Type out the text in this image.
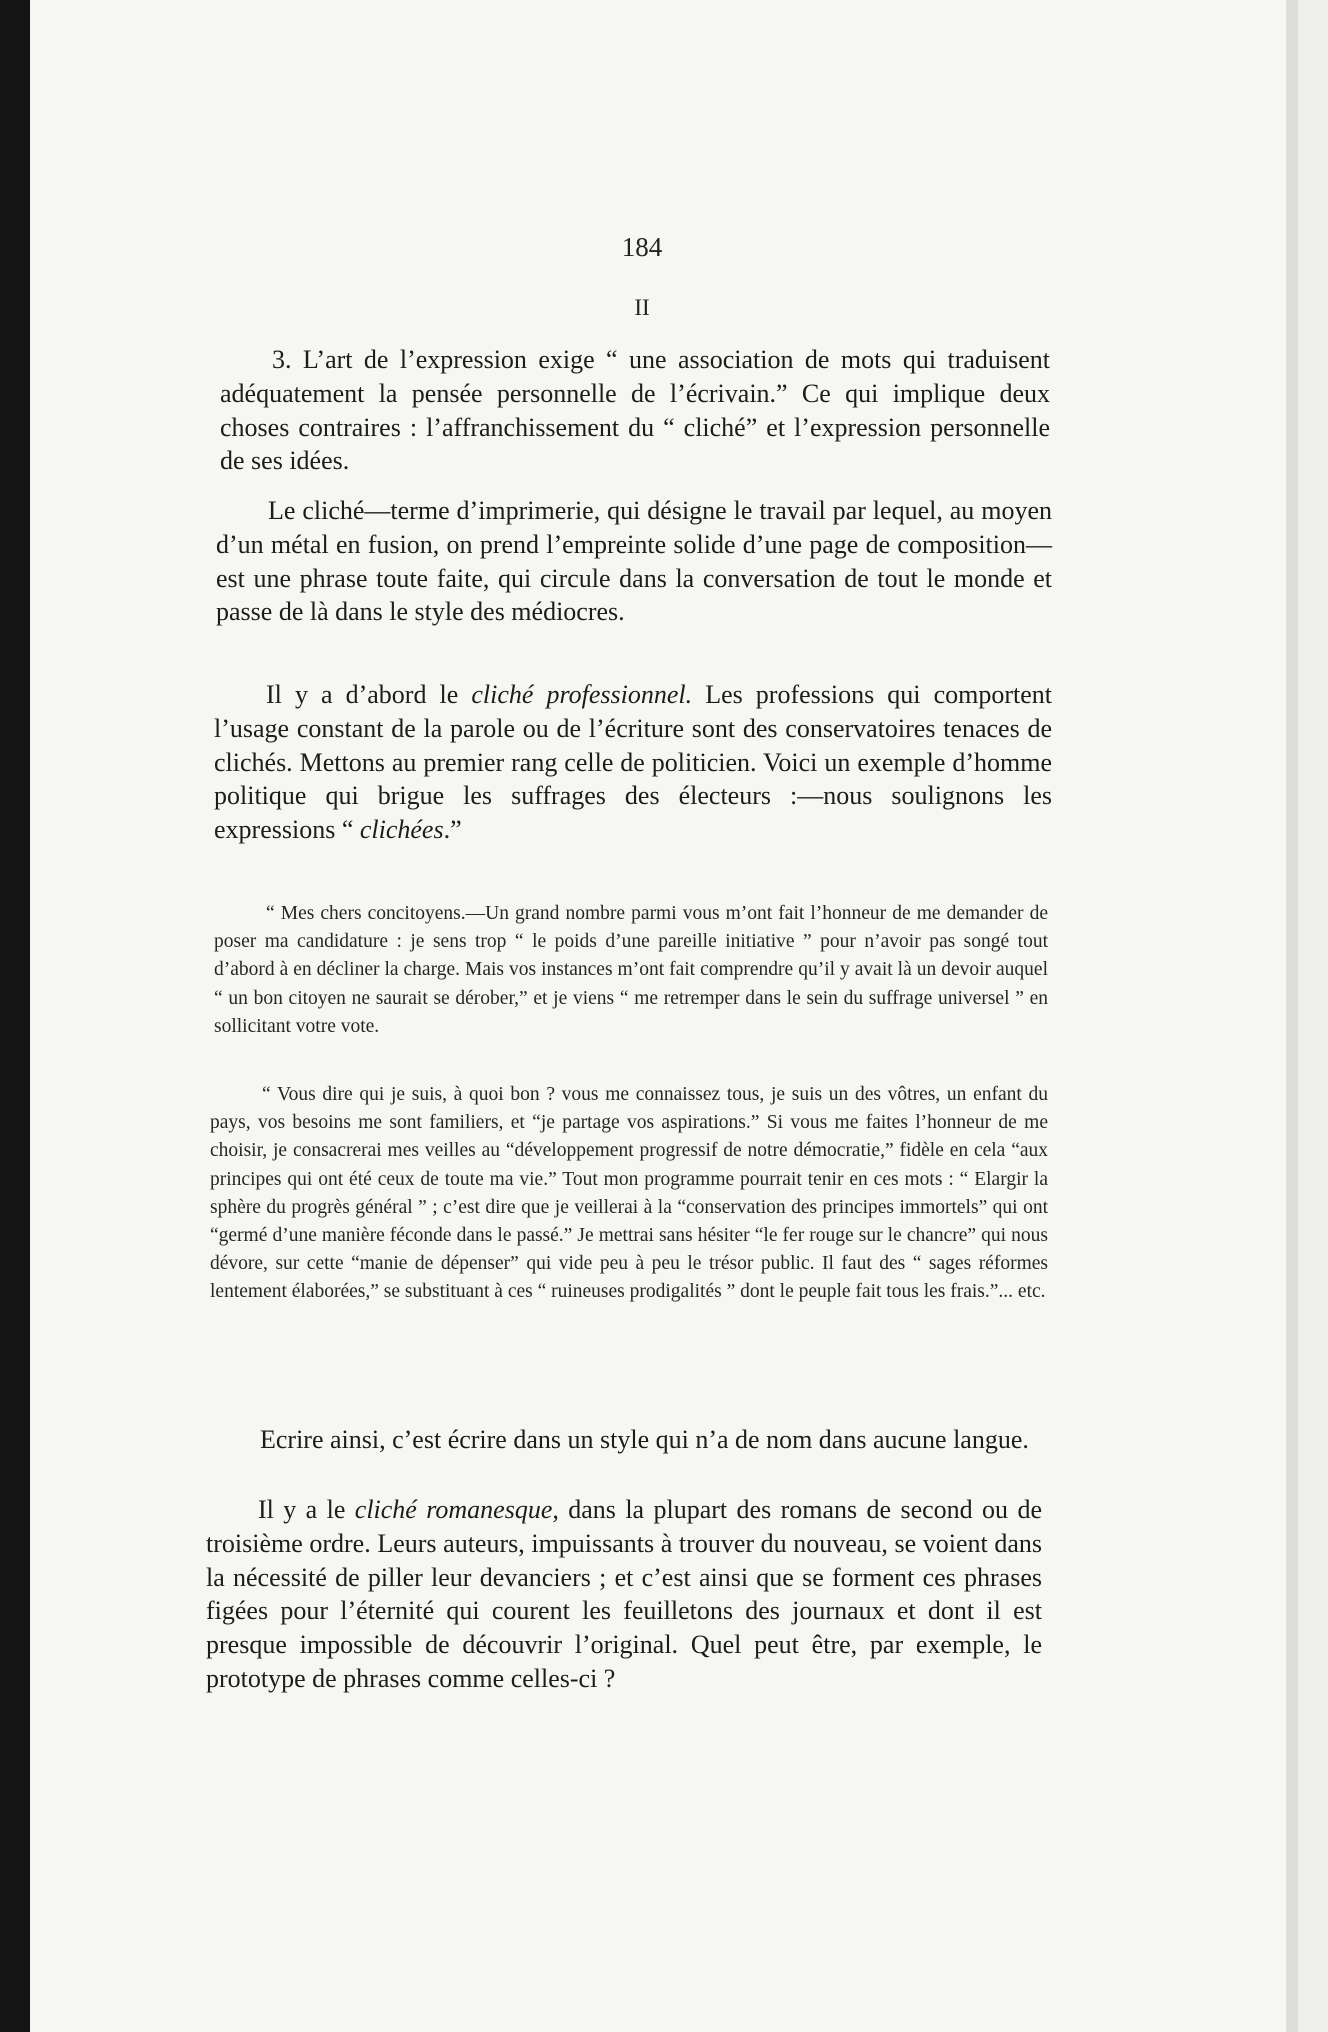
184
II

3. L’art de l’expression exige “ une association de mots qui traduisent adéquatement la pensée personnelle de l’écrivain.” Ce qui implique deux choses contraires : l’affranchissement du “ cliché” et l’expression personnelle de ses idées.

Le cliché—terme d’imprimerie, qui désigne le travail par lequel, au moyen d’un métal en fusion, on prend l’empreinte solide d’une page de composition—est une phrase toute faite, qui circule dans la conversation de tout le monde et passe de là dans le style des médiocres.

Il y a d’abord le cliché professionnel. Les professions qui comportent l’usage constant de la parole ou de l’écriture sont des conservatoires tenaces de clichés. Mettons au premier rang celle de politicien. Voici un exemple d’homme politique qui brigue les suffrages des électeurs :—nous soulignons les expressions “ clichées.”

“ Mes chers concitoyens.—Un grand nombre parmi vous m’ont fait l’honneur de me demander de poser ma candidature : je sens trop “ le poids d’une pareille initiative ” pour n’avoir pas songé tout d’abord à en décliner la charge. Mais vos instances m’ont fait comprendre qu’il y avait là un devoir auquel “ un bon citoyen ne saurait se dérober,” et je viens “ me retremper dans le sein du suffrage universel ” en sollicitant votre vote.

“ Vous dire qui je suis, à quoi bon ? vous me connaissez tous, je suis un des vôtres, un enfant du pays, vos besoins me sont familiers, et “je partage vos aspirations.” Si vous me faites l’honneur de me choisir, je consacrerai mes veilles au “développement progressif de notre démocratie,” fidèle en cela “aux principes qui ont été ceux de toute ma vie.” Tout mon programme pourrait tenir en ces mots : “ Elargir la sphère du progrès général ” ; c’est dire que je veillerai à la “conservation des principes immortels” qui ont “germé d’une manière féconde dans le passé.” Je mettrai sans hésiter “le fer rouge sur le chancre” qui nous dévore, sur cette “manie de dépenser” qui vide peu à peu le trésor public. Il faut des “ sages réformes lentement élaborées,” se substituant à ces “ ruineuses prodigalités ” dont le peuple fait tous les frais.”... etc.

Ecrire ainsi, c’est écrire dans un style qui n’a de nom dans aucune langue.

Il y a le cliché romanesque, dans la plupart des romans de second ou de troisième ordre. Leurs auteurs, impuissants à trouver du nouveau, se voient dans la nécessité de piller leur devanciers ; et c’est ainsi que se forment ces phrases figées pour l’éternité qui courent les feuilletons des journaux et dont il est presque impossible de découvrir l’original. Quel peut être, par exemple, le prototype de phrases comme celles-ci ?
